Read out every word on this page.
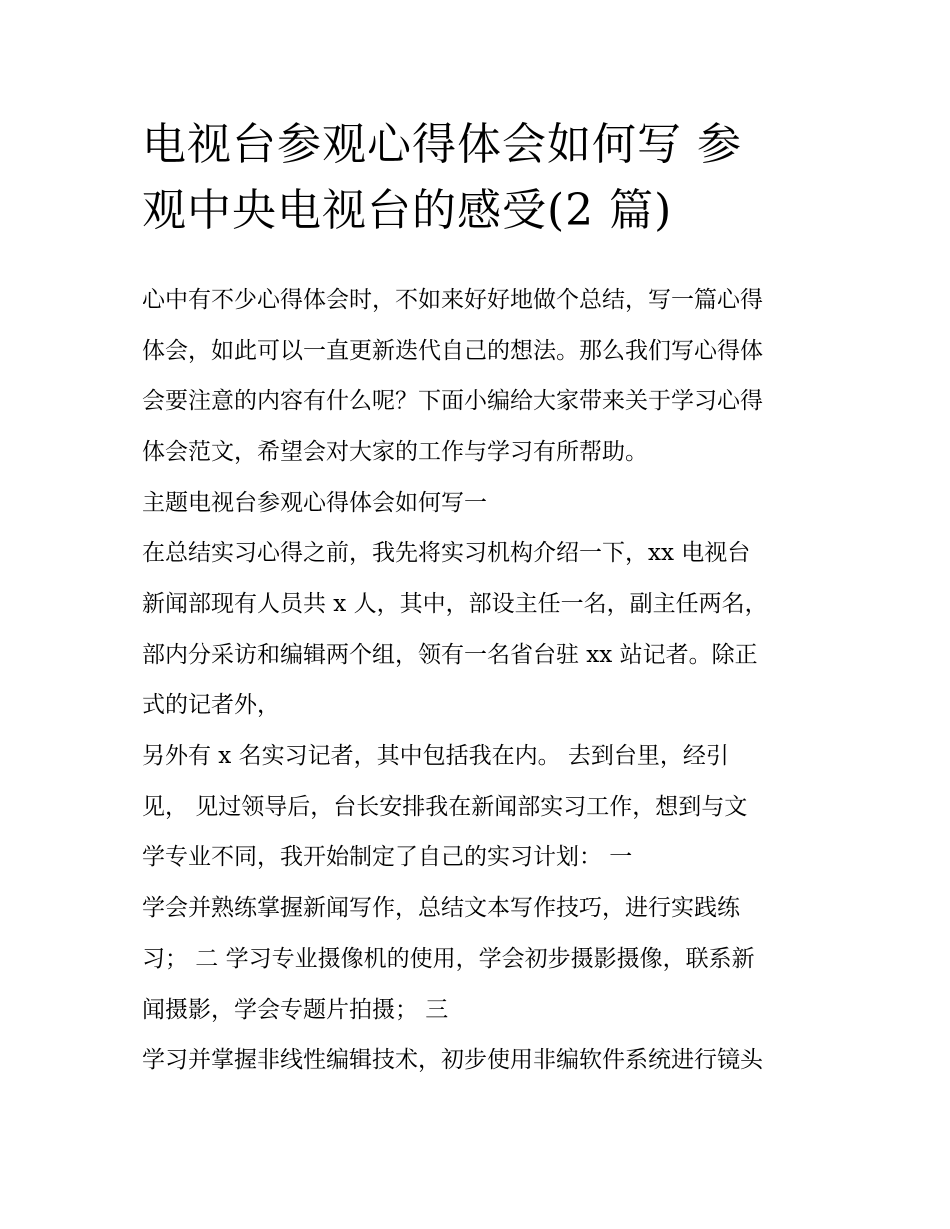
电视台参观心得体会如何写 参
观中央电视台的感受(2 篇)

心中有不少心得体会时，不如来好好地做个总结，写一篇心得

体会，如此可以一直更新迭代自己的想法。那么我们写心得体

会要注意的内容有什么呢？下面小编给大家带来关于学习心得

体会范文，希望会对大家的工作与学习有所帮助。

主题电视台参观心得体会如何写一

在总结实习心得之前，我先将实习机构介绍一下，xx 电视台

新闻部现有人员共 x 人，其中，部设主任一名，副主任两名，

部内分采访和编辑两个组，领有一名省台驻 xx 站记者。除正

式的记者外，

另外有 x 名实习记者，其中包括我在内。 去到台里，经引

见， 见过领导后，台长安排我在新闻部实习工作，想到与文

学专业不同，我开始制定了自己的实习计划： 一

学会并熟练掌握新闻写作，总结文本写作技巧，进行实践练

习； 二 学习专业摄像机的使用，学会初步摄影摄像，联系新

闻摄影，学会专题片拍摄； 三

学习并掌握非线性编辑技术，初步使用非编软件系统进行镜头
